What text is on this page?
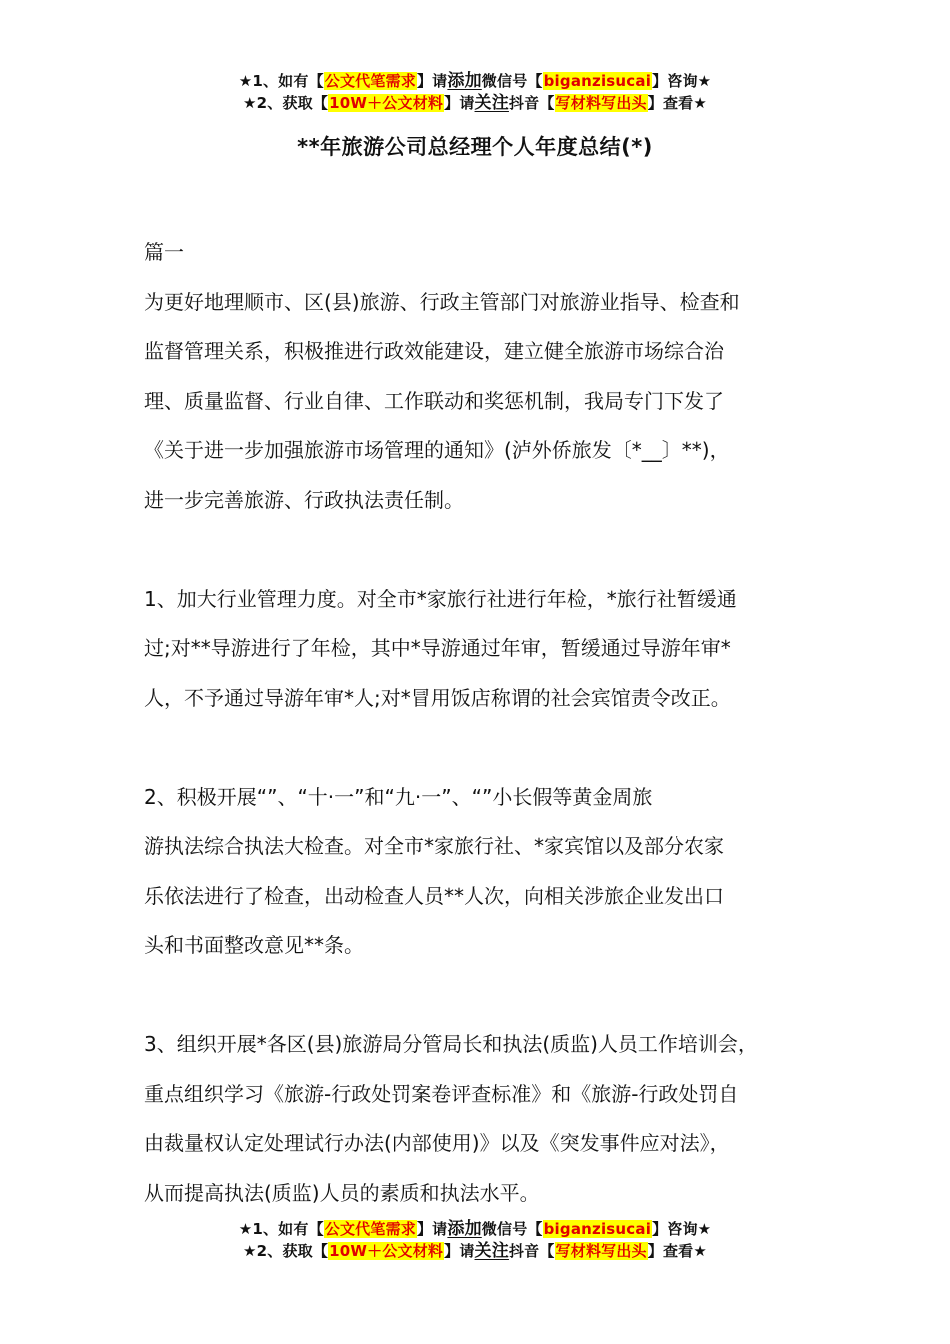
★1、如有【公文代笔需求】请添加微信号【biganzisucai】咨询★
★2、获取【10W＋公文材料】请关注抖音【写材料写出头】查看★
**年旅游公司总经理个人年度总结(*)

篇一

为更好地理顺市、区(县)旅游、行政主管部门对旅游业指导、检查和

监督管理关系，积极推进行政效能建设，建立健全旅游市场综合治

理、质量监督、行业自律、工作联动和奖惩机制，我局专门下发了

《关于进一步加强旅游市场管理的通知》(泸外侨旅发〔*__〕**)，

进一步完善旅游、行政执法责任制。

1、加大行业管理力度。对全市*家旅行社进行年检，*旅行社暂缓通

过;对**导游进行了年检，其中*导游通过年审，暂缓通过导游年审*

人，不予通过导游年审*人;对*冒用饭店称谓的社会宾馆责令改正。

2、积极开展“”、“十·一”和“九·一”、“”小长假等黄金周旅

游执法综合执法大检查。对全市*家旅行社、*家宾馆以及部分农家

乐依法进行了检查，出动检查人员**人次，向相关涉旅企业发出口

头和书面整改意见**条。

3、组织开展*各区(县)旅游局分管局长和执法(质监)人员工作培训会，

重点组织学习《旅游-行政处罚案卷评查标准》和《旅游-行政处罚自

由裁量权认定处理试行办法(内部使用)》以及《突发事件应对法》，

从而提高执法(质监)人员的素质和执法水平。

★1、如有【公文代笔需求】请添加微信号【biganzisucai】咨询★
★2、获取【10W＋公文材料】请关注抖音【写材料写出头】查看★
